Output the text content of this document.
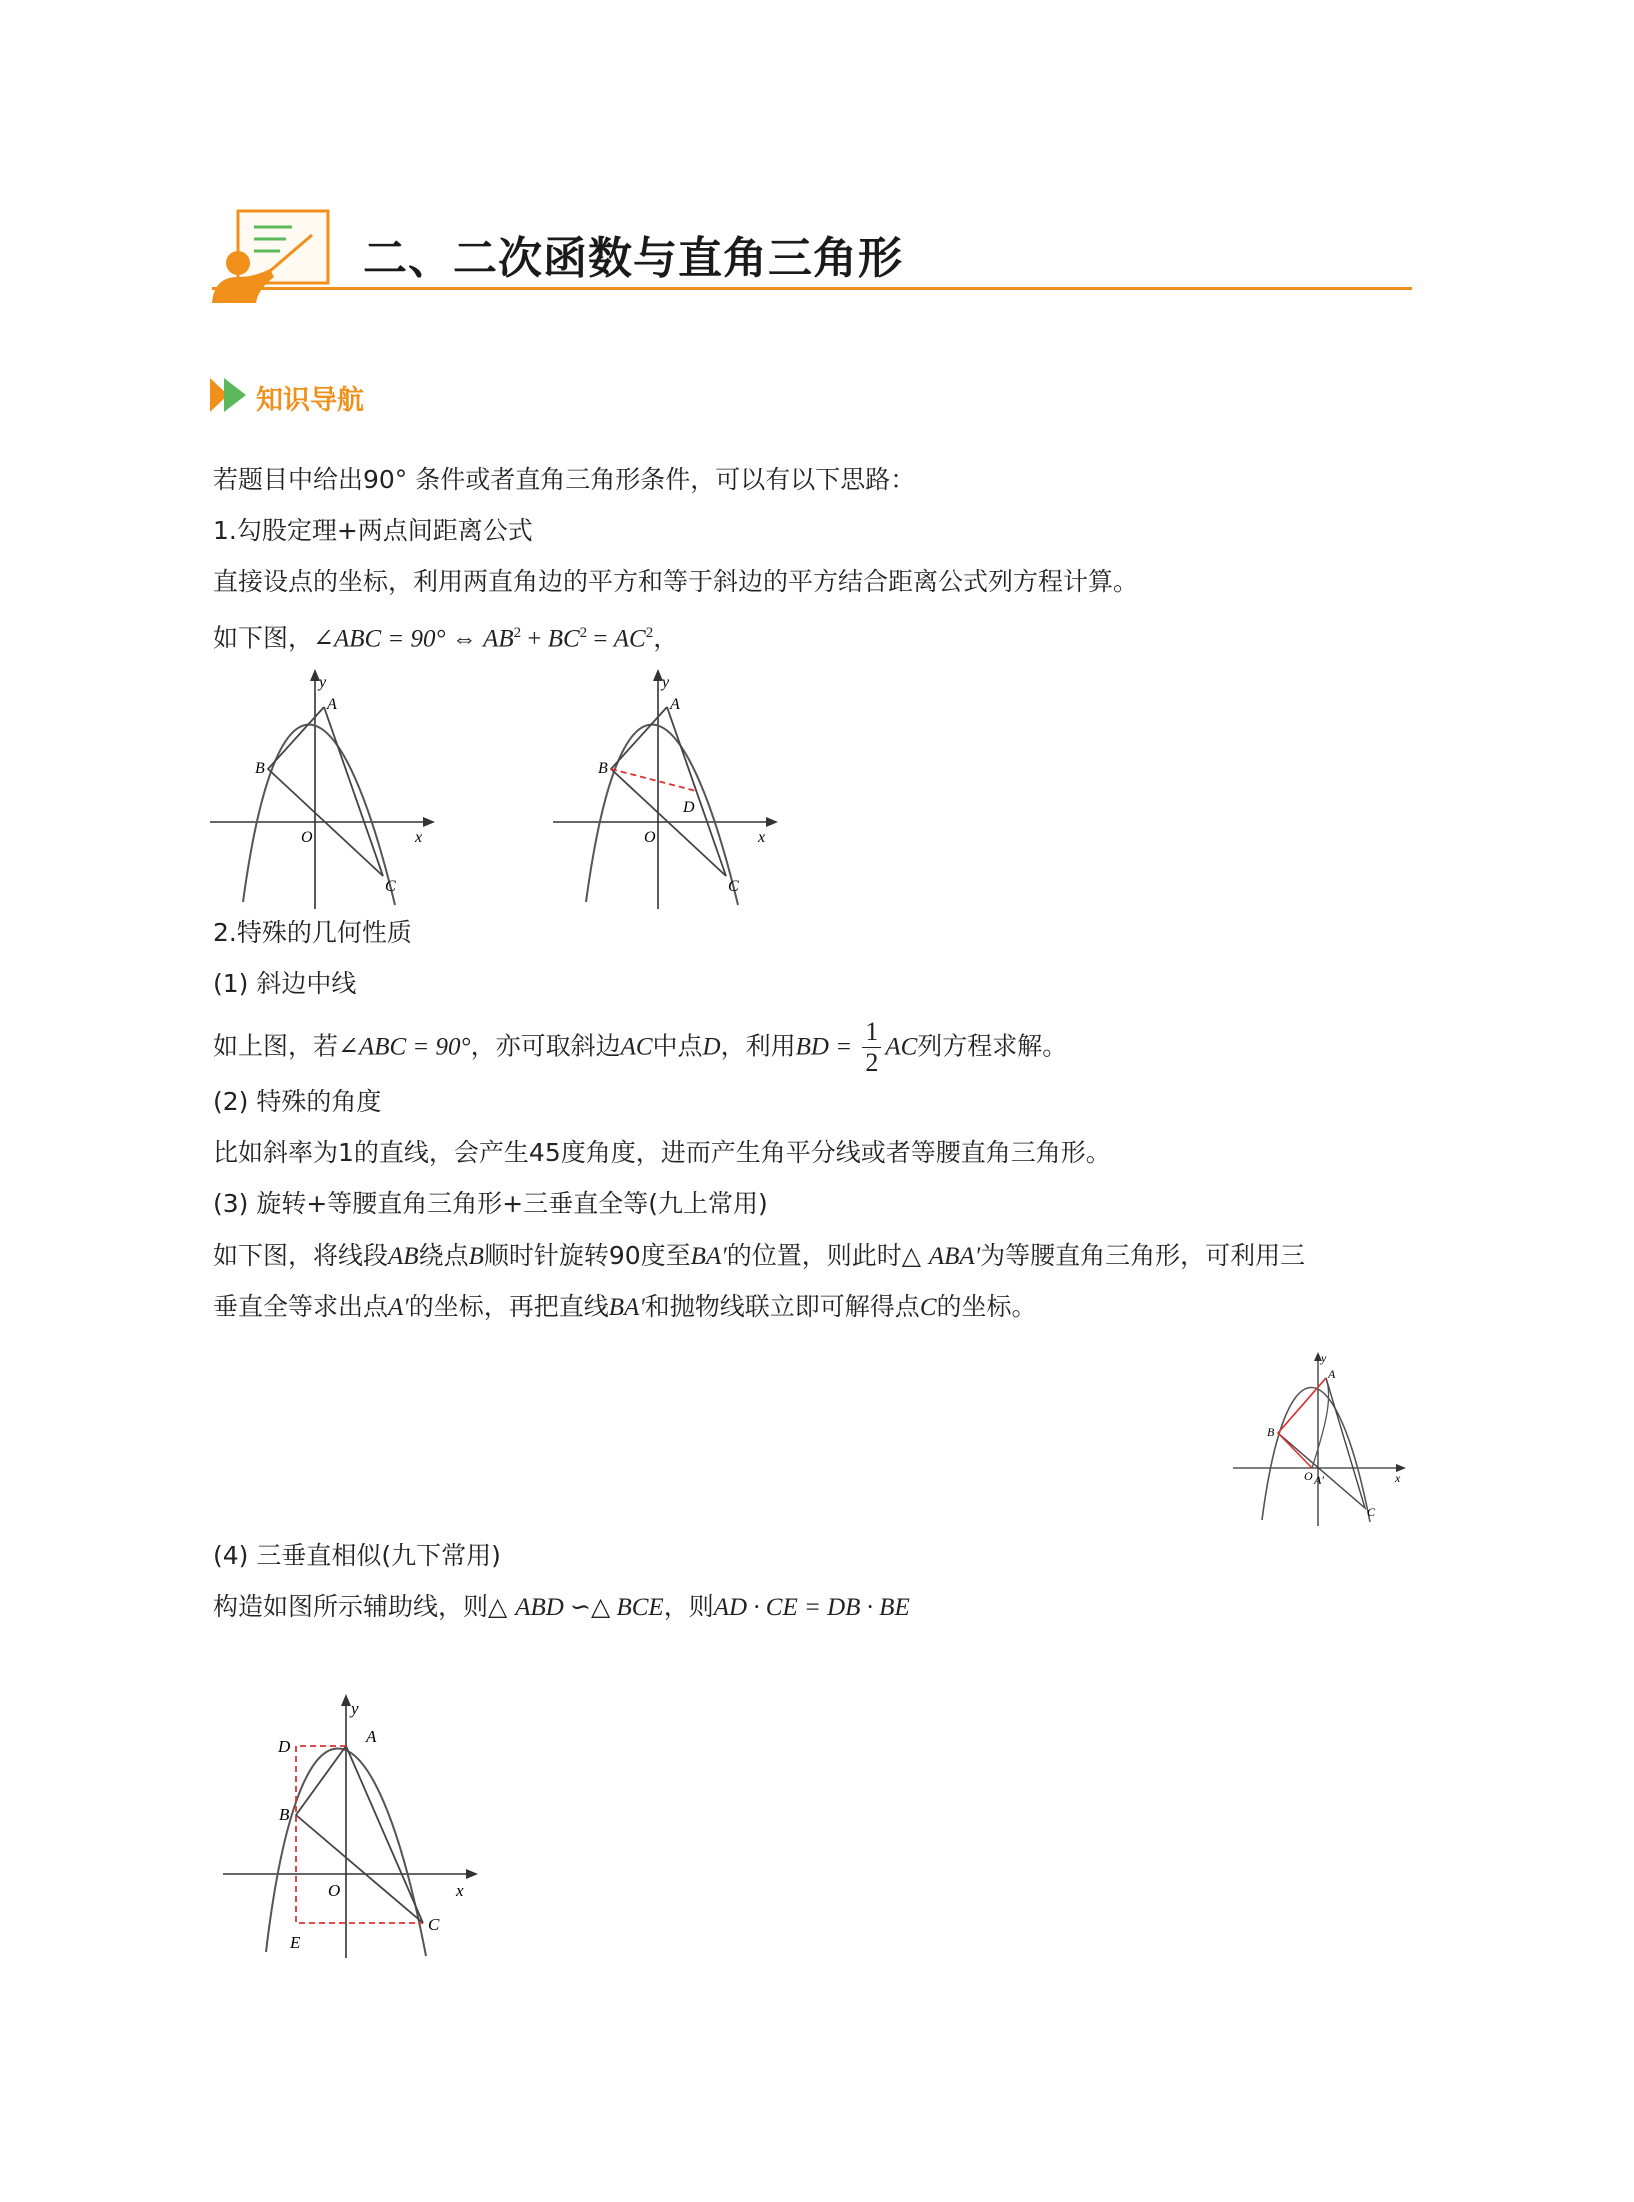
二、二次函数与直角三角形
知识导航
若题目中给出90° 条件或者直角三角形条件，可以有以下思路：
1.勾股定理+两点间距离公式
直接设点的坐标，利用两直角边的平方和等于斜边的平方结合距离公式列方程计算。
如下图，∠ABC = 90° ⇔ $AB^2 + BC^2 = AC^2$，
y
A
B
O	x
C
y
A
B
D
O	x
C
2.特殊的几何性质
(1) 斜边中线
如上图，若∠ABC = 90°，亦可取斜边AC中点D，利用BD = $\frac{1}{2}$ AC列方程求解。
(2) 特殊的角度
比如斜率为1的直线，会产生45度角度，进而产生角平分线或者等腰直角三角形。
(3) 旋转+等腰直角三角形+三垂直全等(九上常用)
如下图，将线段AB绕点B顺时针旋转90度至BA′的位置，则此时△ ABA′为等腰直角三角形，可利用三
垂直全等求出点A′的坐标，再把直线BA′和抛物线联立即可解得点C的坐标。
y
A
B
O A′	x
C
(4) 三垂直相似(九下常用)
构造如图所示辅助线，则△ ABD ∽△ BCE，则AD · CE = DB · BE
y
A
D
B
O	x
C
E
